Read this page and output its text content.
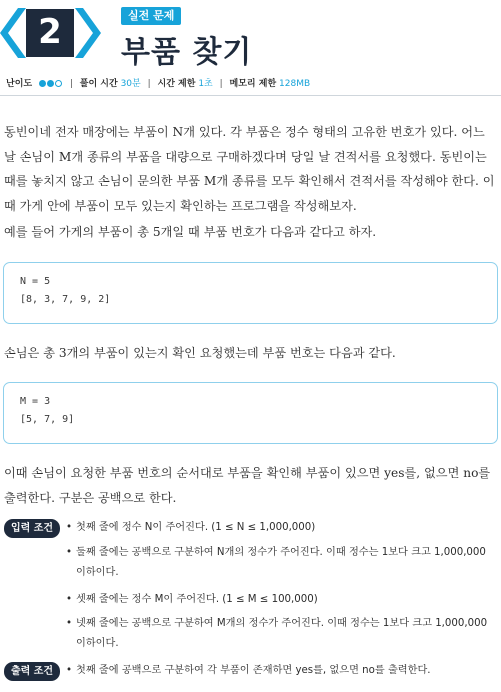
2	실전 문제
부품 찾기
난이도	| 풀이 시간 30분 | 시간 제한 1초 | 메모리 제한 128MB
동빈이네 전자 매장에는 부품이 N개 있다. 각 부품은 정수 형태의 고유한 번호가 있다. 어느 날 손님이 M개 종류의 부품을 대량으로 구매하겠다며 당일 날 견적서를 요청했다. 동빈이는 때를 놓치지 않고 손님이 문의한 부품 M개 종류를 모두 확인해서 견적서를 작성해야 한다. 이때 가게 안에 부품이 모두 있는지 확인하는 프로그램을 작성해보자.
예를 들어 가게의 부품이 총 5개일 때 부품 번호가 다음과 같다고 하자.
N = 5
[8, 3, 7, 9, 2]
손님은 총 3개의 부품이 있는지 확인 요청했는데 부품 번호는 다음과 같다.
M = 3
[5, 7, 9]
이때 손님이 요청한 부품 번호의 순서대로 부품을 확인해 부품이 있으면 yes를, 없으면 no를 출력한다. 구분은 공백으로 한다.
입력 조건	• 첫째 줄에 정수 N이 주어진다. (1 ≤ N ≤ 1,000,000)
• 둘째 줄에는 공백으로 구분하여 N개의 정수가 주어진다. 이때 정수는 1보다 크고 1,000,000 이하이다.
• 셋째 줄에는 정수 M이 주어진다. (1 ≤ M ≤ 100,000)
• 넷째 줄에는 공백으로 구분하여 M개의 정수가 주어진다. 이때 정수는 1보다 크고 1,000,000 이하이다.
출력 조건	• 첫째 줄에 공백으로 구분하여 각 부품이 존재하면 yes를, 없으면 no를 출력한다.
